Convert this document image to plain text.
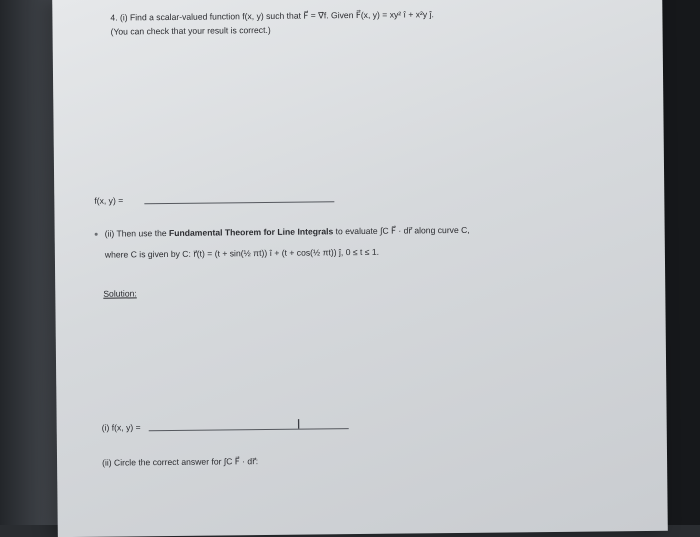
4. (i) Find a scalar-valued function f(x, y) such that F⃗ = ∇⃗f. Given F⃗(x, y) = xy² î + x²y ĵ.
(You can check that your result is correct.)
f(x, y) =
(ii) Then use the Fundamental Theorem for Line Integrals to evaluate ∫C F⃗ · dr⃗ along curve C,
where C is given by C: r⃗(t) = (t + sin(½ πt)) î + (t + cos(½ πt)) ĵ, 0 ≤ t ≤ 1.
Solution:
(i) f(x, y) =	Ⅰ
(ii) Circle the correct answer for ∫C F⃗ · dr⃗:
